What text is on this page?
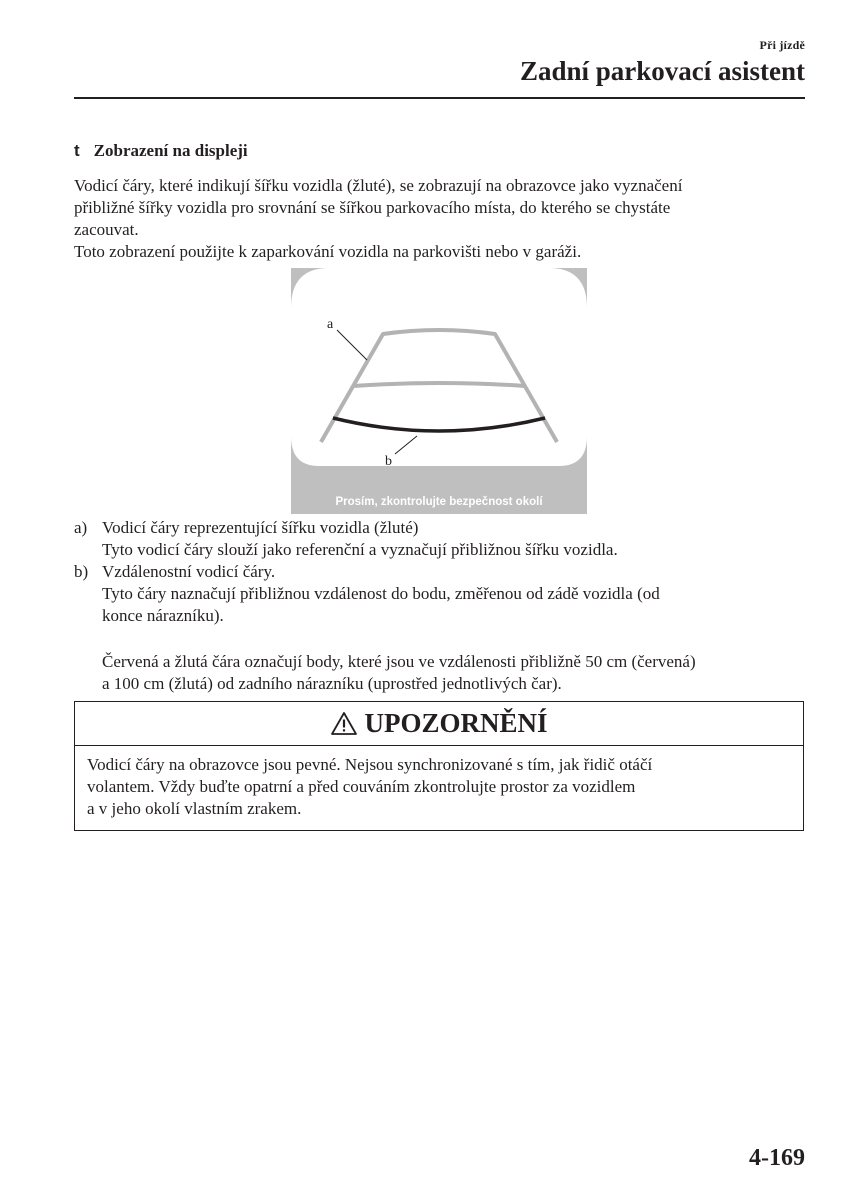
Při jízdě
Zadní parkovací asistent
t Zobrazení na displeji

Vodicí čáry, které indikují šířku vozidla (žluté), se zobrazují na obrazovce jako vyznačení

přibližné šířky vozidla pro srovnání se šířkou parkovacího místa, do kterého se chystáte

zacouvat.

Toto zobrazení použijte k zaparkování vozidla na parkovišti nebo v garáži.

a
b
Prosím, zkontrolujte bezpečnost okolí
a) Vodicí čáry reprezentující šířku vozidla (žluté)

Tyto vodicí čáry slouží jako referenční a vyznačují přibližnou šířku vozidla.

b) Vzdálenostní vodicí čáry.

Tyto čáry naznačují přibližnou vzdálenost do bodu, změřenou od zádě vozidla (od

konce nárazníku).

Červená a žlutá čára označují body, které jsou ve vzdálenosti přibližně 50 cm (červená)

a 100 cm (žlutá) od zadního nárazníku (uprostřed jednotlivých čar).

UPOZORNĚNÍ
Vodicí čáry na obrazovce jsou pevné. Nejsou synchronizované s tím, jak řidič otáčí
volantem. Vždy buďte opatrní a před couváním zkontrolujte prostor za vozidlem
a v jeho okolí vlastním zrakem.
4-169
